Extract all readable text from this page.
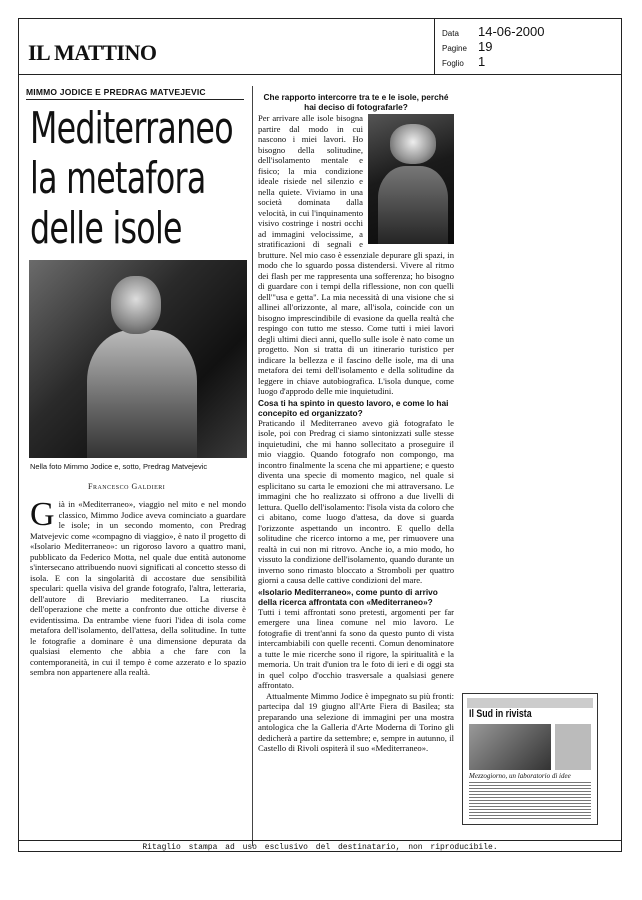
IL MATTINO
Data	14-06-2000
Pagine 19
Foglio	1
MIMMO JODICE E PREDRAG MATVEJEVIC
Mediterraneo
la metafora
delle isole
Nella foto Mimmo Jodice e, sotto, Predrag Matvejevic
Francesco Galdieri
G ià in «Mediterraneo», viaggio nel mito e nel mondo classico, Mimmo Jodice aveva cominciato a guardare le isole; in un secondo momento, con Predrag Matvejevic come «compagno di viaggio», è nato il progetto di «Isolario Mediterraneo»: un rigoroso lavoro a quattro mani, pubblicato da Federico Motta, nel quale due entità autonome s'intersecano attribuendo nuovi significati al concetto stesso di isola. E con la singolarità di accostare due sensibilità speculari: quella visiva del grande fotografo, l'altra, letteraria, dell'autore di Breviario mediterraneo. La riuscita dell'operazione che mette a confronto due ottiche diverse è evidentissima. Da entrambe viene fuori l'idea di isola come metafora dell'isolamento, dell'attesa, della solitudine. In tutte le fotografie a dominare è una dimensione depurata da qualsiasi elemento che abbia a che fare con la contemporaneità, in cui il tempo è come azzerato e lo spazio sembra non appartenere alla realtà.

Che rapporto intercorre tra te e le isole, perché hai deciso di fotografarle?

Per arrivare alle isole bisogna partire dal modo in cui nascono i miei lavori. Ho bisogno della solitudine, dell'isolamento mentale e fisico; la mia condizione ideale risiede nel silenzio e nella quiete. Viviamo in una società dominata dalla velocità, in cui l'inquinamento visivo costringe i nostri occhi ad immagini velocissime, a stratificazioni di segnali e brutture. Nel mio caso è essenziale depurare gli spazi, in modo che lo sguardo possa distendersi. Vivere al ritmo dei flash per me rappresenta una sofferenza; ho bisogno di guardare con i tempi della riflessione, non con quelli dell'"usa e getta". La mia necessità di una visione che si allinei all'orizzonte, al mare, all'isola, coincide con un bisogno imprescindibile di evasione da quella realtà che respingo con tutto me stesso. Come tutti i miei lavori degli ultimi dieci anni, quello sulle isole è nato come un progetto. Non si tratta di un itinerario turistico per indicare la bellezza e il fascino delle isole, ma di una metafora dei temi dell'isolamento e della solitudine da leggere in chiave autobiografica. L'isola dunque, come luogo d'approdo delle mie inquietudini.

Cosa ti ha spinto in questo lavoro, e come lo hai concepito ed organizzato?

Praticando il Mediterraneo avevo già fotografato le isole, poi con Predrag ci siamo sintonizzati sulle stesse inquietudini, che mi hanno sollecitato a proseguire il mio viaggio. Quando fotografo non compongo, ma incontro finalmente la scena che mi appartiene; e questo diventa una specie di momento magico, nel quale si esplicitano su carta le emozioni che mi attraversano. Le immagini che ho realizzato si offrono a due livelli di lettura. Quello dell'isolamento: l'isola vista da coloro che ci abitano, come luogo d'attesa, da dove si guarda l'orizzonte aspettando un incontro. E quello della solitudine che ricerco intorno a me, per rimuovere una realtà in cui non mi ritrovo. Anche io, a mio modo, ho vissuto la condizione dell'isolamento, quando durante un inverno sono rimasto bloccato a Stromboli per quattro giorni a causa delle cattive condizioni del mare.

«Isolario Mediterraneo», come punto di arrivo della ricerca affrontata con «Mediterraneo»?

Tutti i temi affrontati sono pretesti, argomenti per far emergere una linea comune nel mio lavoro. Le fotografie di trent'anni fa sono da questo punto di vista intercambiabili con quelle recenti. Comun denominatore a tutte le mie ricerche sono il rigore, la spiritualità e la memoria. Un trait d'union tra le foto di ieri e di oggi sta in quel colpo d'occhio trasversale a qualsiasi genere affrontato.

Attualmente Mimmo Jodice è impegnato su più fronti: partecipa dal 19 giugno all'Arte Fiera di Basilea; sta preparando una selezione di immagini per una mostra antologica che la Galleria d'Arte Moderna di Torino gli dedicherà a partire da settembre; e, sempre in autunno, il Castello di Rivoli ospiterà il suo «Mediterraneo».

Il Sud in rivista
Mezzogiorno, un laboratorio di idee
Ritaglio stampa ad uso esclusivo del destinatario, non riproducibile.
